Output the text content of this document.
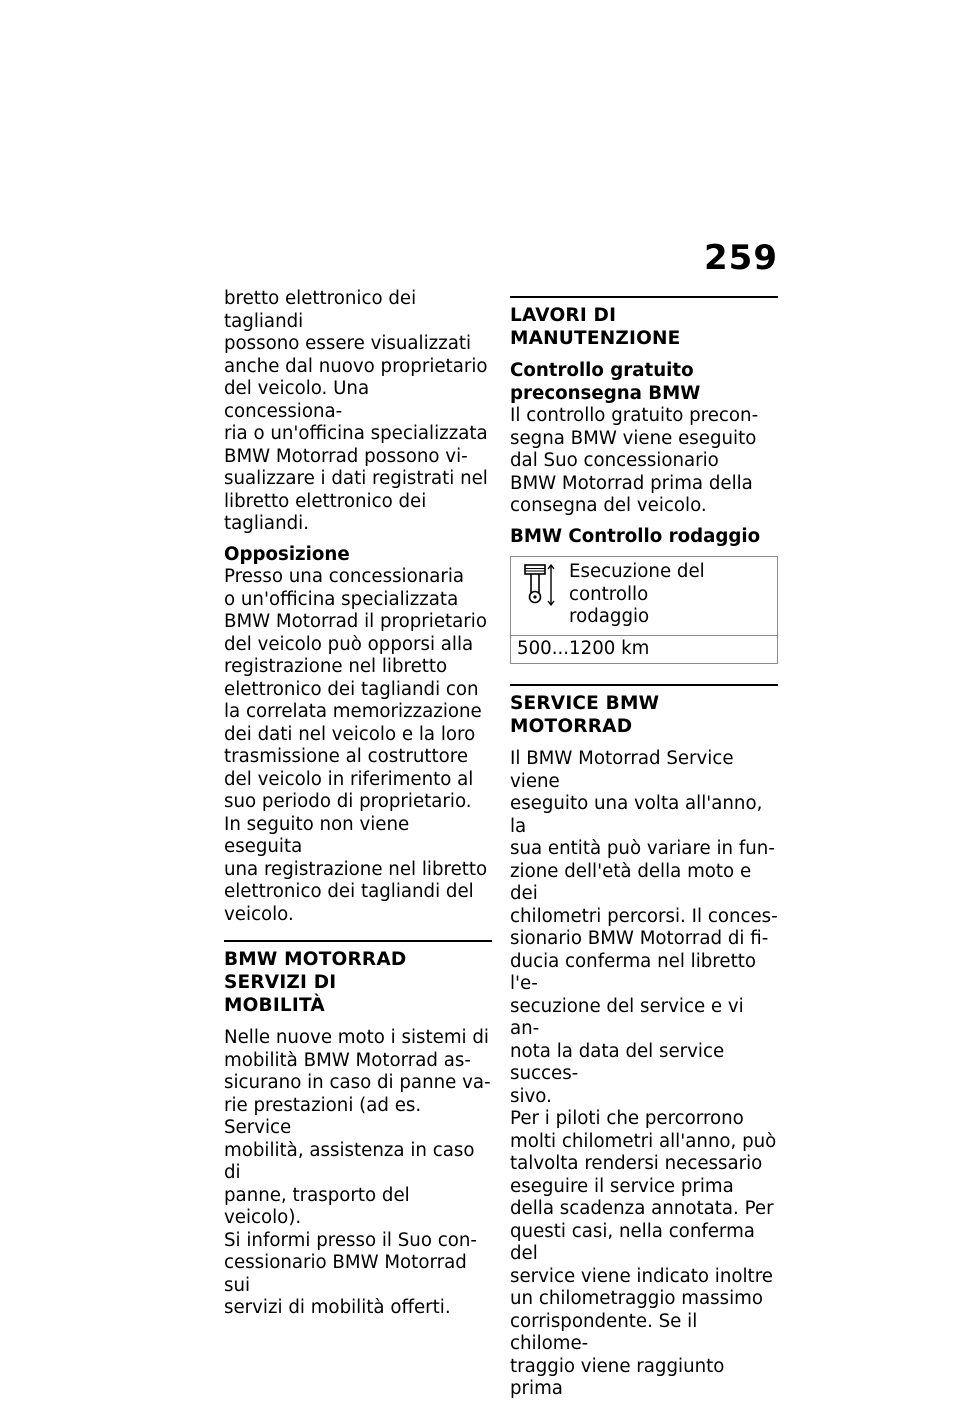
259

bretto elettronico dei tagliandi
possono essere visualizzati
anche dal nuovo proprietario
del veicolo. Una concessiona-
ria o un'officina specializzata
BMW Motorrad possono vi-
sualizzare i dati registrati nel
libretto elettronico dei tagliandi.

Opposizione

Presso una concessionaria
o un'officina specializzata
BMW Motorrad il proprietario
del veicolo può opporsi alla
registrazione nel libretto
elettronico dei tagliandi con
la correlata memorizzazione
dei dati nel veicolo e la loro
trasmissione al costruttore
del veicolo in riferimento al
suo periodo di proprietario.

In seguito non viene eseguita
una registrazione nel libretto
elettronico dei tagliandi del
veicolo.

BMW MOTORRAD SERVIZI DI
MOBILITÀ

Nelle nuove moto i sistemi di
mobilità BMW Motorrad as-
sicurano in caso di panne va-
rie prestazioni (ad es. Service
mobilità, assistenza in caso di
panne, trasporto del veicolo).

Si informi presso il Suo con-
cessionario BMW Motorrad sui
servizi di mobilità offerti.

LAVORI DI MANUTENZIONE

Controllo gratuito
preconsegna BMW

Il controllo gratuito precon-
segna BMW viene eseguito
dal Suo concessionario
BMW Motorrad prima della
consegna del veicolo.

BMW Controllo rodaggio

Esecuzione del controllo
rodaggio
500...1200 km
SERVICE BMW MOTORRAD

Il BMW Motorrad Service viene
eseguito una volta all'anno, la
sua entità può variare in fun-
zione dell'età della moto e dei
chilometri percorsi. Il conces-
sionario BMW Motorrad di fi-
ducia conferma nel libretto l'e-
secuzione del service e vi an-
nota la data del service succes-
sivo.

Per i piloti che percorrono
molti chilometri all'anno, può
talvolta rendersi necessario
eseguire il service prima
della scadenza annotata. Per
questi casi, nella conferma del
service viene indicato inoltre
un chilometraggio massimo
corrispondente. Se il chilome-
traggio viene raggiunto prima
